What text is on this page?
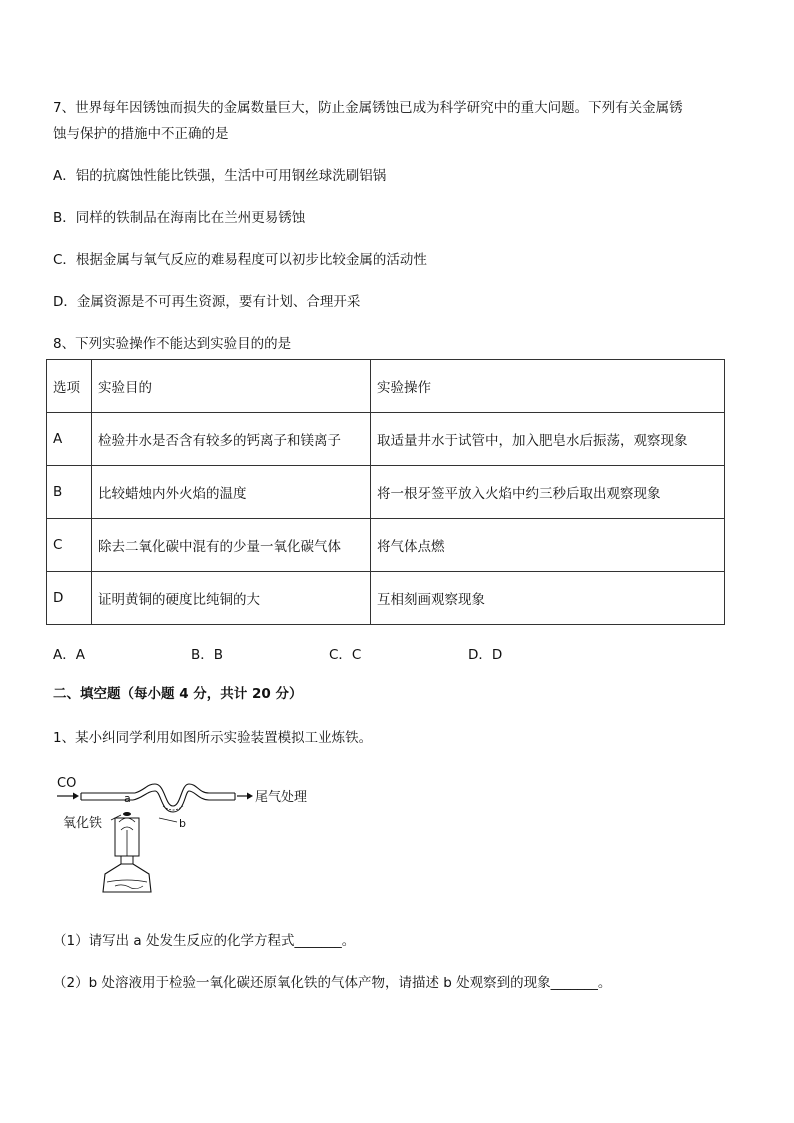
7、世界每年因锈蚀而损失的金属数量巨大，防止金属锈蚀已成为科学研究中的重大问题。下列有关金属锈
蚀与保护的措施中不正确的是
A．铝的抗腐蚀性能比铁强，生活中可用钢丝球洗刷铝锅
B．同样的铁制品在海南比在兰州更易锈蚀
C．根据金属与氧气反应的难易程度可以初步比较金属的活动性
D．金属资源是不可再生资源，要有计划、合理开采
8、下列实验操作不能达到实验目的的是
选项	实验目的	实验操作
A	检验井水是否含有较多的钙离子和镁离子	取适量井水于试管中，加入肥皂水后振荡，观察现象
B	比较蜡烛内外火焰的温度	将一根牙签平放入火焰中约三秒后取出观察现象
C	除去二氧化碳中混有的少量一氧化碳气体	将气体点燃
D	证明黄铜的硬度比纯铜的大	互相刻画观察现象
A．A	B．B	C．C	D．D
二、填空题（每小题 4 分，共计 20 分）
1、某小纠同学利用如图所示实验装置模拟工业炼铁。
CO
尾气处理
a
氧化铁	b
（1）请写出 a 处发生反应的化学方程式_______。
（2）b 处溶液用于检验一氧化碳还原氧化铁的气体产物，请描述 b 处观察到的现象_______。
